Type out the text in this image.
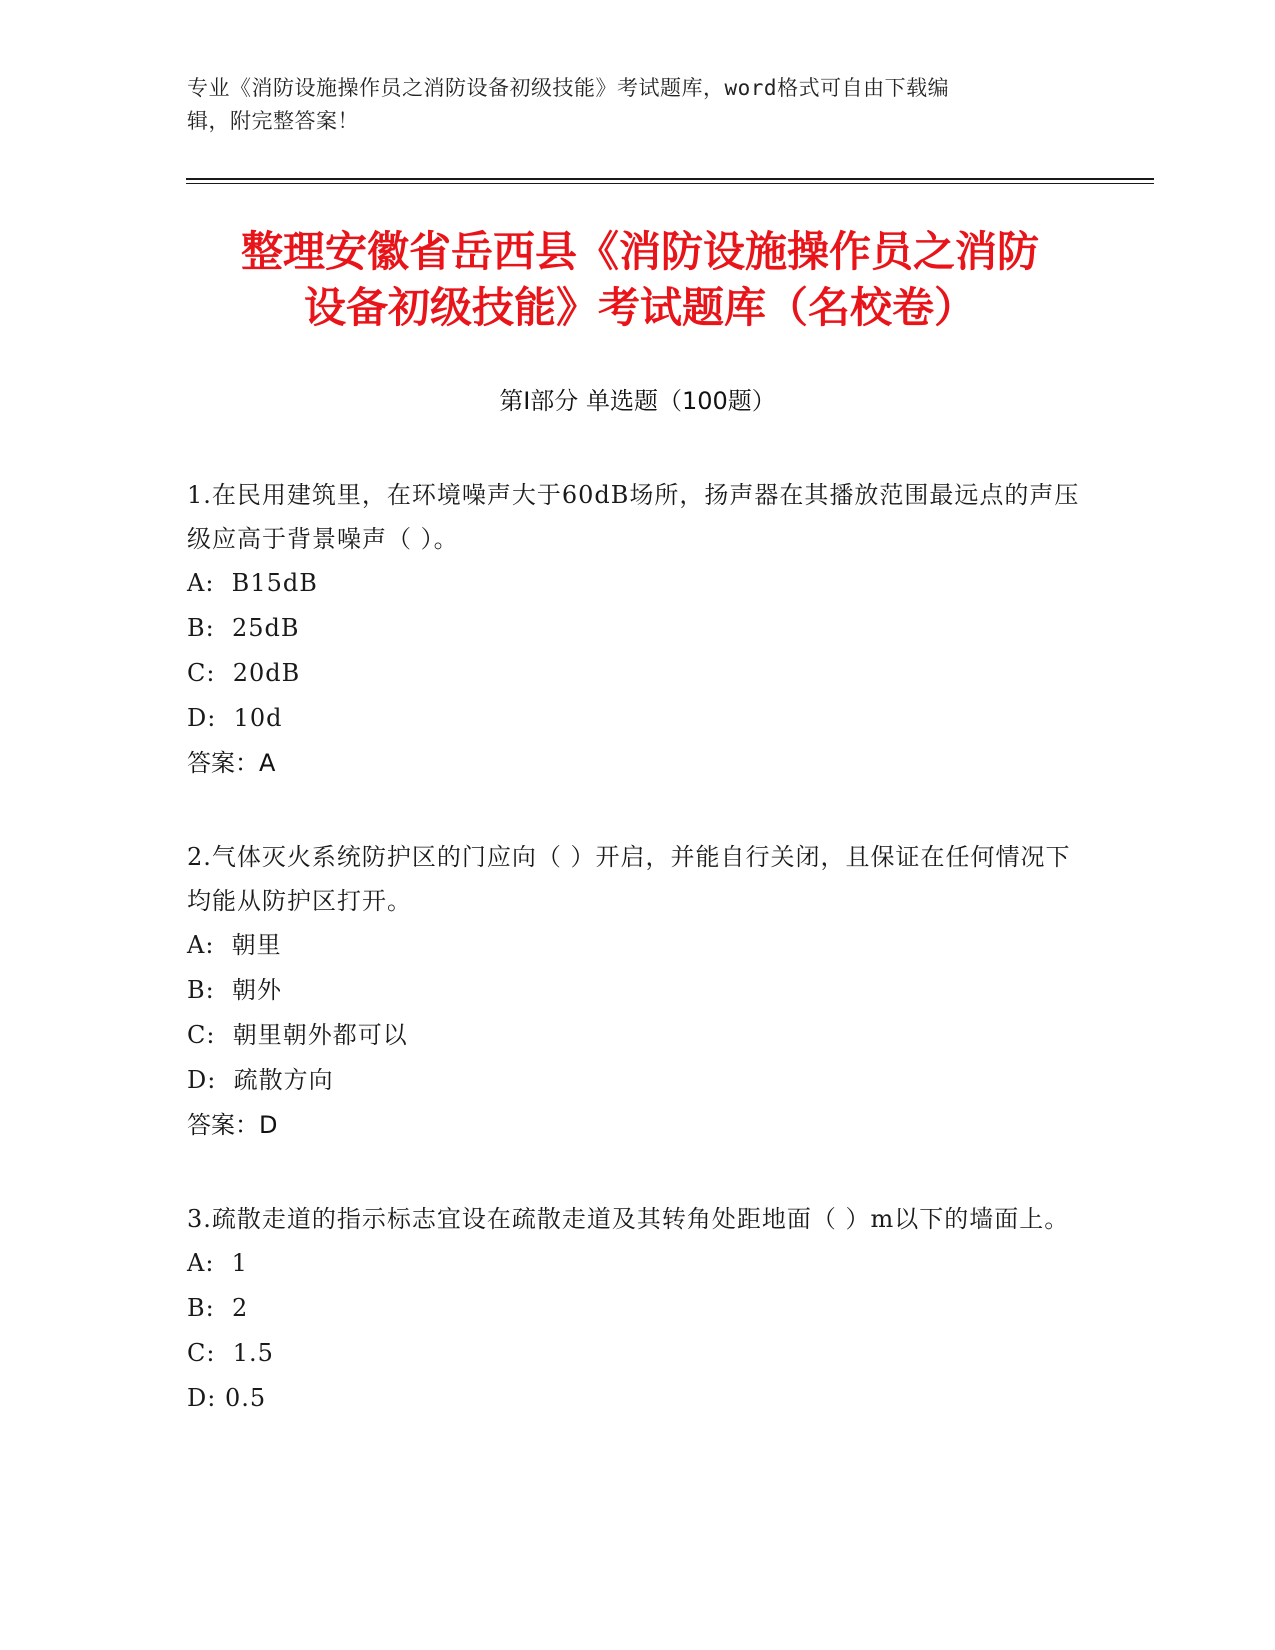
专业《消防设施操作员之消防设备初级技能》考试题库，word格式可自由下载编
辑，附完整答案！
整理安徽省岳西县《消防设施操作员之消防
设备初级技能》考试题库（名校卷）
第Ⅰ部分 单选题（100题）

1.在民用建筑里，在环境噪声大于60dB场所，扬声器在其播放范围最远点的声压级应高于背景噪声（ ）。

A:  B15dB

B:  25dB

C:  20dB

D:  10d

答案：A

2.气体灭火系统防护区的门应向（ ）开启，并能自行关闭，且保证在任何情况下均能从防护区打开。

A:  朝里

B:  朝外

C:  朝里朝外都可以

D:  疏散方向

答案：D

3.疏散走道的指示标志宜设在疏散走道及其转角处距地面（ ）m以下的墙面上。

A:  1

B:  2

C:  1.5

D: 0.5
